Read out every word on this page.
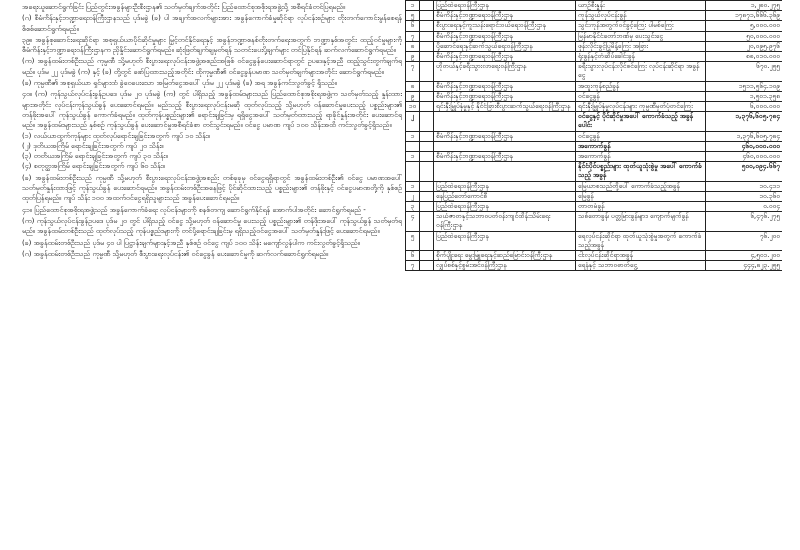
အရေးယူဆောင်ရွက်ခြင်း ပြည်တွင်းအခွန်များဦးစီးဌာန၏ သတ်မှတ်ချက်အတိုင်း ပြည်ထောင်စုအစိုးရအဖွဲ့သို့ အစီရင်ခံတင်ပြရမည်။

(ဂ) စီမံကိန်းနှင့်ဘဏ္ဍာရေးဝန်ကြီးဌာနသည် ပုဒ်မခွဲ (ခ) ပါ အချက်အလက်များအား အခွန်ကောက်ခံမှုဆိုင်ရာ လုပ်ငန်းစဉ်များ တိုးတက်ကောင်းမွန်စေရန် စိစစ်ဆောင်ရွက်ရမည်။

၃၉။ အခွန်စုဆောင်းရေးဆိုင်ရာ အစုရှယ်ယာပိုင်ဆိုင်မှုများ မြှင့်တင်နိုင်ရေးနှင့် အခွန်ဘဏ္ဍာစနစ်တိုးတက်ရေးအတွက် ဘဏ္ဍာနှစ်အတွင်း ထည့်ဝင်မှုများကို စီမံကိန်းနှင့်ဘဏ္ဍာရေးဝန်ကြီးဌာနက ညှိနှိုင်းဆောင်ရွက်ရမည်။ ဆုံးဖြတ်ချက်ချမှတ်ရန် သတင်းပေးပို့ချက်များ တင်ပြနိုင်ရန် ဆက်လက်ဆောင်ရွက်ရမည်။

(က) အခွန်ထမ်းတစ်ဦးသည် ကုမ္ပဏီ သို့မဟုတ် စီးပွားရေးလုပ်ငန်းအဖွဲ့အစည်းအဖြစ် ဝင်ငွေခွန်ပေးဆောင်ရာတွင် ဥပဒေနှင့်အညီ ထည့်သွင်းတွက်ချက်ရမည်။ ပုဒ်မ ၂၂ ပုဒ်မခွဲ (က) နှင့် (ခ) တို့တွင် ဖော်ပြထားသည့်အတိုင်း ထိုကုမ္ပဏီ၏ ဝင်ငွေခွန်ပမာဏ သတ်မှတ်ချက်များအတိုင်း ဆောင်ရွက်ရမည်။

(ခ) ကုမ္ပဏီ၏ အစုရှယ်ယာ ရှင်များထံ ခွဲဝေပေးသော အမြတ်ငွေအပေါ် ပုဒ်မ ၂၂ ပုဒ်မခွဲ (ခ) အရ အခွန်ကင်းလွတ်ခွင့် ရှိသည်။

၄၀။ (က) ကုန်သွယ်လုပ်ငန်းခွန်ဥပဒေ ပုဒ်မ ၂၀ ပုဒ်မခွဲ (က) တွင် ပါရှိသည့် အခွန်ထမ်းများသည် ပြည်ထောင်စုအစိုးရအဖွဲ့က သတ်မှတ်သည့် နှုန်းထားများအတိုင်း လုပ်ငန်းကုန်သွယ်ခွန် ပေးဆောင်ရမည်။ မည်သည့် စီးပွားရေးလုပ်ငန်းမဆို ထုတ်လုပ်သည့် သို့မဟုတ် ဝန်ဆောင်မှုပေးသည့် ပစ္စည်းများ၏ တန်ဖိုးအပေါ် ကုန်သွယ်ခွန် ကောက်ခံရမည်။ ထုတ်ကုန်ပစ္စည်းများ၏ ရောင်းချခြင်းမှ ရရှိငွေအပေါ် သတ်မှတ်ထားသည့် ရာခိုင်နှုန်းအတိုင်း ပေးဆောင်ရမည်။ အခွန်ထမ်းများသည် နှစ်စဉ် ကုန်သွယ်ခွန် ပေးဆောင်မှုအစီရင်ခံစာ တင်သွင်းရမည်။ ဝင်ငွေ ပမာဏ ကျပ် ၁၀၀ သိန်းအထိ ကင်းလွတ်ခွင့်ရှိသည်။

(၁) လယ်ယာထွက်ကုန်များ ထုတ်လုပ်ရောင်းချခြင်းအတွက် ကျပ် ၁၀ သိန်း။

(၂) ဒုတိယအကြိမ် ရောင်းချခြင်းအတွက် ကျပ် ၂၀ သိန်း။

(၃) တတိယအကြိမ် ရောင်းချခြင်းအတွက် ကျပ် ၃၀ သိန်း။

(၄) စတုတ္ထအကြိမ် ရောင်းချခြင်းအတွက် ကျပ် ၆၀ သိန်း။

(ခ) အခွန်ထမ်းတစ်ဦးသည် ကုမ္ပဏီ သို့မဟုတ် စီးပွားရေးလုပ်ငန်းအဖွဲ့အစည်း တစ်ခုခုမှ ဝင်ငွေရရှိရာတွင် အခွန်ထမ်းတစ်ဦး၏ ဝင်ငွေ ပမာဏအပေါ် သတ်မှတ်နှုန်းထားဖြင့် ကုန်သွယ်ခွန် ပေးဆောင်ရမည်။ အခွန်ထမ်းတစ်ဦးအနေဖြင့် ပိုင်ဆိုင်ထားသည့် ပစ္စည်းများ၏ တန်ဖိုးနှင့် ဝင်ငွေပမာဏတို့ကို နှစ်စဉ် ထုတ်ပြန်ရမည်။ ကျပ် သိန်း ၁၀၀ အထက်ဝင်ငွေရရှိသူများသည် အခွန်ပေးဆောင်ရမည်။

၄၁။ ပြည်ထောင်စုအစိုးရအဖွဲ့သည် အခွန်ကောက်ခံရေး လုပ်ငန်းများကို စနစ်တကျ ဆောင်ရွက်နိုင်ရန် အောက်ပါအတိုင်း ဆောင်ရွက်ရမည် -

(က) ကုန်သွယ်လုပ်ငန်းခွန်ဥပဒေ ပုဒ်မ ၂၀ တွင် ပါရှိသည့် ဝင်ငွေ သို့မဟုတ် ဝန်ဆောင်မှု ပေးသည့် ပစ္စည်းများ၏ တန်ဖိုးအပေါ် ကုန်သွယ်ခွန် သတ်မှတ်ရမည်။ အခွန်ထမ်းတစ်ဦးသည် ထုတ်လုပ်သည့် ကုန်ပစ္စည်းများကို တင်ပို့ရောင်းချခြင်းမှ ရရှိသည့်ဝင်ငွေအပေါ် သတ်မှတ်နှုန်းဖြင့် ပေးဆောင်ရမည်။

(ခ) အခွန်ထမ်းတစ်ဦးသည် ပုဒ်မ ၄၀ ပါ ပြဋ္ဌာန်းချက်များနှင့်အညီ နှစ်စဉ် ဝင်ငွေ ကျပ် ၁၀၀ သိန်း မကျော်လွန်ပါက ကင်းလွတ်ခွင့်ရှိသည်။

(ဂ) အခွန်ထမ်းတစ်ဦးသည် ကုမ္ပဏီ သို့မဟုတ် စီးပွားရေးလုပ်ငန်း၏ ဝင်ငွေခွန် ပေးဆောင်မှုကို ဆက်လက်ဆောင်ရွက်ရမည်။

၁		ပြည်ထဲရေးဝန်ကြီးဌာန	ယာဉ်စီးနှုန်း	၁,၂၈၀.၂၇၅
၅		စီမံကိန်းနှင့်ဘဏ္ဍာရေးဝန်ကြီးဌာန	ကုန်သွယ်လုပ်ငန်းခွန်	၁၇၈၇၁,၆၆၆.၃၆၉
၆		စီးပွားရေးနှင့်ကူးသန်းရောင်းဝယ်ရေးဝန်ကြီးဌာန	သွင်းကုန်အတွက်ဝင်ခွင့်ကြေး ပါမစ်ကြေး	၅,၀၀၀.၀၀၀
၇		စီမံကိန်းနှင့်ဘဏ္ဍာရေးဝန်ကြီးဌာန	မြန်မာနိုင်ငံတော်ဘဏ်မှ ပေးသွင်းငွေ	၅၀,၀၀၀.၀၀၀
၈		ပို့ဆောင်ရေးနှင့်ဆက်သွယ်ရေးဝန်ကြီးဌာန	ဖုန်းလိုင်းခွင့်ပြုမိန့်ကြေး အခြား	၂၀,၀၉၅.၉၇၆
၉		စီမံကိန်းနှင့်ဘဏ္ဍာရေးဝန်ကြီးဌာန	ရုံးခွန်နှင့်တံဆိပ်ခေါင်းခွန်	၈၈,၀၁၀.၀၀၀
၇		ဟိုတယ်နှင့်ခရီးသွားလာရေးဝန်ကြီးဌာန	ခရီးသွားလုပ်ငန်းလိုင်စင်ကြေး လုပ်ငန်းဆိုင်ရာ အခွန်ငွေ	၆၇၀.၂၅၅
၈		စီမံကိန်းနှင့်ဘဏ္ဍာရေးဝန်ကြီးဌာန	အထူးကုန်စည်ခွန်	၁၅၁၁,၅၆၄.၁၀၉
၉		စီမံကိန်းနှင့်ဘဏ္ဍာရေးဝန်ကြီးဌာန	ဝင်ငွေခွန်	၁,၅၀၁.၃၅၈
၁၀		ရင်းနှီးမြှုပ်နှံမှုနှင့် နိုင်ငံခြားစီးပွားဆက်သွယ်ရေးဝန်ကြီးဌာန	ရင်းနှီးမြှုပ်နှံမှုလုပ်ငန်းများ ကုမ္ပဏီမှတ်ပုံတင်ကြေး	၆,၀၀၀.၀၀၀
၂			ဝင်ငွေနှင့် ပိုင်ဆိုင်မှုအပေါ် ကောက်ခံသည့် အခွန်ပေါင်း	၁,၃၇၆,၆၀၅.၇၈၄
၁		စီမံကိန်းနှင့်ဘဏ္ဍာရေးဝန်ကြီးဌာန	ဝင်ငွေခွန်	၁,၃၇၆,၆၀၅.၇၈၄
			အကောက်ခွန်	၄၆၀,၀၀၀.၀၀၀
၁		စီမံကိန်းနှင့်ဘဏ္ဍာရေးဝန်ကြီးဌာန	အကောက်ခွန်	၄၆၀,၀၀၀.၀၀၀
			နိုင်ငံပိုင်ပစ္စည်းများ ထုတ်ယူသုံးစွဲမှု အပေါ် ကောက်ခံသည့် အခွန်	၅၀၀,၀၉၄.၆၆၇
၁		ပြည်ထဲရေးဝန်ကြီးဌာန	မြေယာစသည်တို့ပေါ် ကောက်ခံသည့်အခွန်	၁၀.၄၁၁
၂		နေပြည်တော်ကောင်စီ	မြေခွန်	၁၀.၃၆၀
၃		ပြည်ထဲရေးဝန်ကြီးဌာန	တာတမံခွန်	၀.၀၀၄
၄		သယံဇာတနှင့်သဘာဝပတ်ဝန်းကျင်ထိန်းသိမ်းရေးဝန်ကြီးဌာန	သစ်တောခွန်၊ ပတ္တမြားခွန်များ၊ ကျောက်မျက်ခွန်	၆,၄၇၆.၂၇၅
၅		ပြည်ထဲရေးဝန်ကြီးဌာန	ရေလုပ်ငန်းဆိုင်ရာ ထုတ်ယူသုံးစွဲမှုအတွက် ကောက်ခံသည့်အခွန်	၇၆.၂၀၀
၆		စိုက်ပျိုးရေး မွေးမြူရေးနှင့်ဆည်မြောင်းဝန်ကြီးဌာန	ငါးလုပ်ငန်းဆိုင်ရာအခွန်	၄,၅၀၁.၂၀၀
၇		လျှပ်စစ်နှင့်စွမ်းအင်ဝန်ကြီးဌာန	ရေနံနှင့် သဘာဝဓာတ်ငွေ့	၄၄၄,၈၂၃.၂၅၅
